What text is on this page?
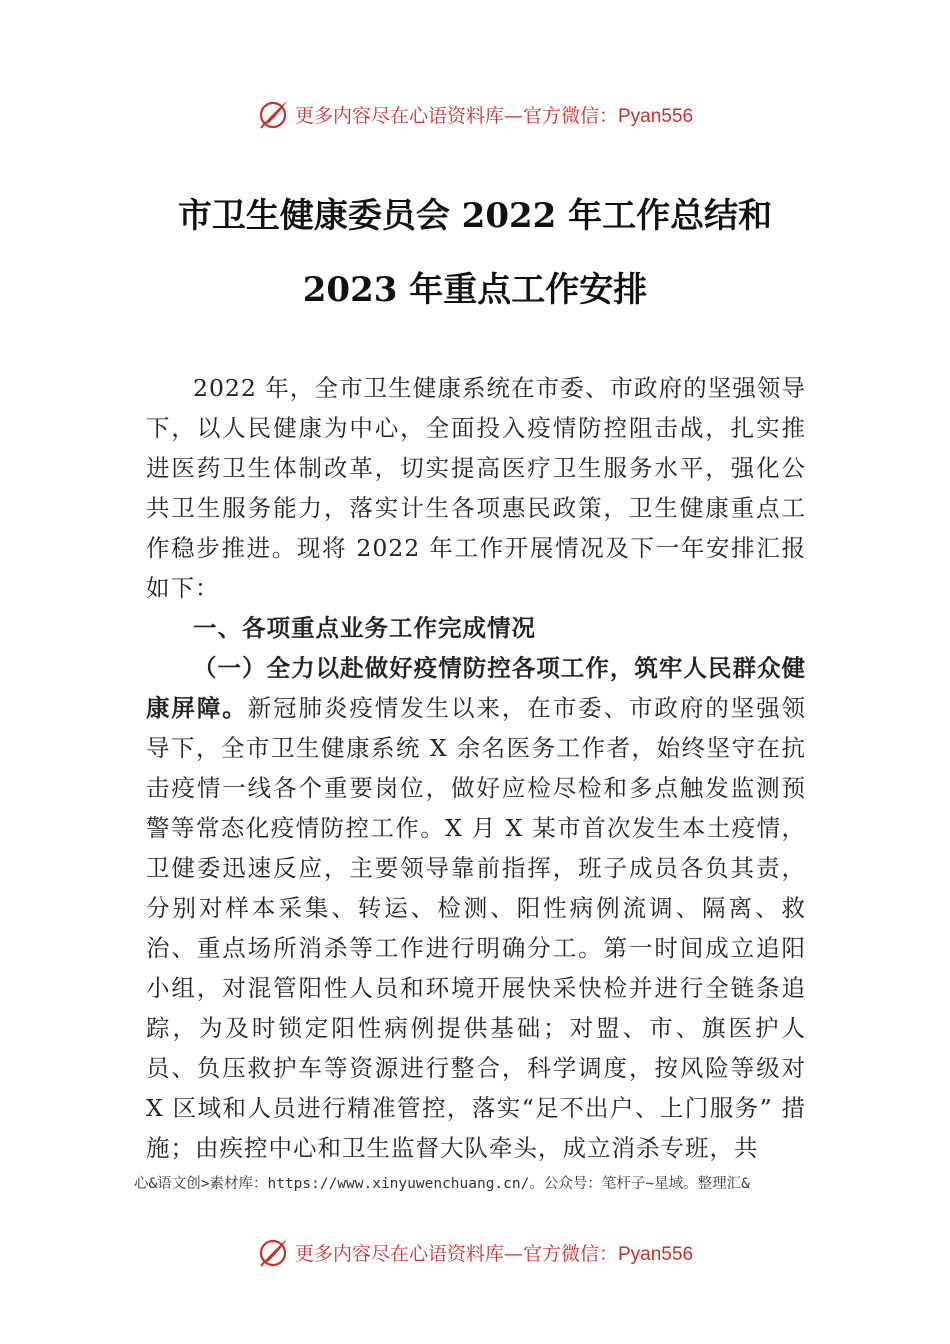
更多内容尽在心语资料库—官方微信：Pyan556
市卫生健康委员会 2022 年工作总结和
2023 年重点工作安排

2022 年，全市卫生健康系统在市委、市政府的坚强领导下，以人民健康为中心，全面投入疫情防控阻击战，扎实推进医药卫生体制改革，切实提高医疗卫生服务水平，强化公共卫生服务能力，落实计生各项惠民政策，卫生健康重点工作稳步推进。现将 2022 年工作开展情况及下一年安排汇报如下：

一、各项重点业务工作完成情况

（一）全力以赴做好疫情防控各项工作，筑牢人民群众健康屏障。新冠肺炎疫情发生以来，在市委、市政府的坚强领导下，全市卫生健康系统 X 余名医务工作者，始终坚守在抗击疫情一线各个重要岗位，做好应检尽检和多点触发监测预警等常态化疫情防控工作。X 月 X 某市首次发生本土疫情，卫健委迅速反应，主要领导靠前指挥，班子成员各负其责，分别对样本采集、转运、检测、阳性病例流调、隔离、救治、重点场所消杀等工作进行明确分工。第一时间成立追阳小组，对混管阳性人员和环境开展快采快检并进行全链条追踪，为及时锁定阳性病例提供基础；对盟、市、旗医护人 员、负压救护车等资源进行整合，科学调度，按风险等级对 X 区域和人员进行精准管控，落实“足不出户、上门服务” 措施；由疾控中心和卫生监督大队牵头，成立消杀专班，共

心&语文创>素材库：https://www.xinyuwenchuang.cn/。公众号：笔杆子~星域。整理汇&
更多内容尽在心语资料库—官方微信：Pyan556
